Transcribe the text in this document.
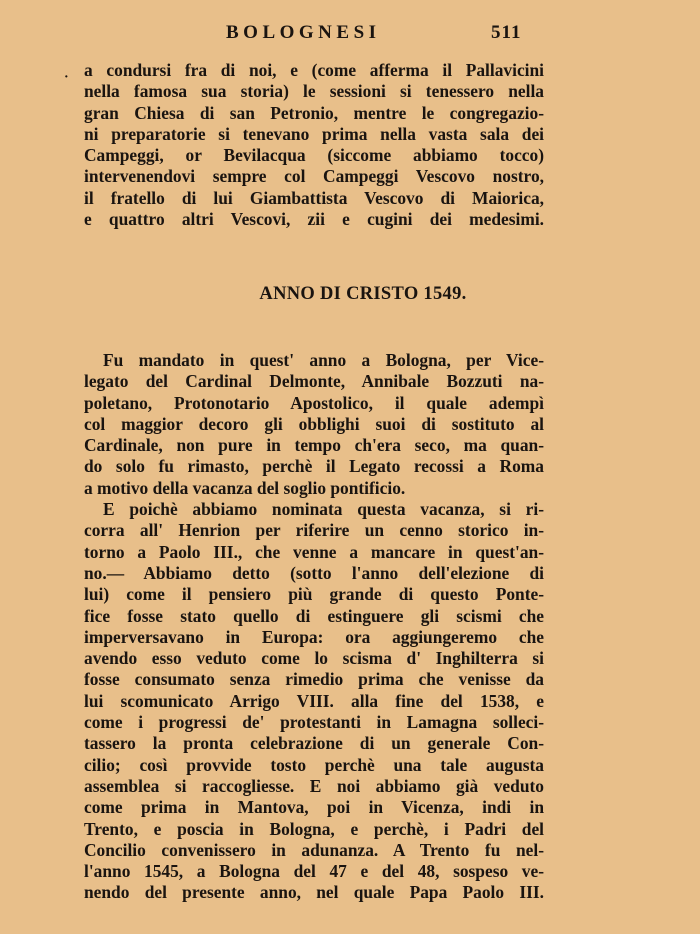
BOLOGNESI	511
· a condursi fra di noi, e (come afferma il Pallavicini
nella famosa sua storia) le sessioni si tenessero nella
gran Chiesa di san Petronio, mentre le congregazio-
ni preparatorie si tenevano prima nella vasta sala dei
Campeggi, or Bevilacqua (siccome abbiamo tocco)
intervenendovi sempre col Campeggi Vescovo nostro,
il fratello di lui Giambattista Vescovo di Maiorica,
e quattro altri Vescovi, zii e cugini dei medesimi.
ANNO DI CRISTO 1549.
Fu mandato in quest' anno a Bologna, per Vice-
legato del Cardinal Delmonte, Annibale Bozzuti na-
poletano, Protonotario Apostolico, il quale adempì
col maggior decoro gli obblighi suoi di sostituto al
Cardinale, non pure in tempo ch'era seco, ma quan-
do solo fu rimasto, perchè il Legato recossi a Roma
a motivo della vacanza del soglio pontificio.
E poichè abbiamo nominata questa vacanza, si ri-
corra all' Henrion per riferire un cenno storico in-
torno a Paolo III., che venne a mancare in quest'an-
no.— Abbiamo detto (sotto l'anno dell'elezione di
lui) come il pensiero più grande di questo Ponte-
fice fosse stato quello di estinguere gli scismi che
imperversavano in Europa: ora aggiungeremo che
avendo esso veduto come lo scisma d' Inghilterra si
fosse consumato senza rimedio prima che venisse da
lui scomunicato Arrigo VIII. alla fine del 1538, e
come i progressi de' protestanti in Lamagna solleci-
tassero la pronta celebrazione di un generale Con-
cilio; così provvide tosto perchè una tale augusta
assemblea si raccogliesse. E noi abbiamo già veduto
come prima in Mantova, poi in Vicenza, indi in
Trento, e poscia in Bologna, e perchè, i Padri del
Concilio convenissero in adunanza. A Trento fu nel-
l'anno 1545, a Bologna del 47 e del 48, sospeso ve-
nendo del presente anno, nel quale Papa Paolo III.
